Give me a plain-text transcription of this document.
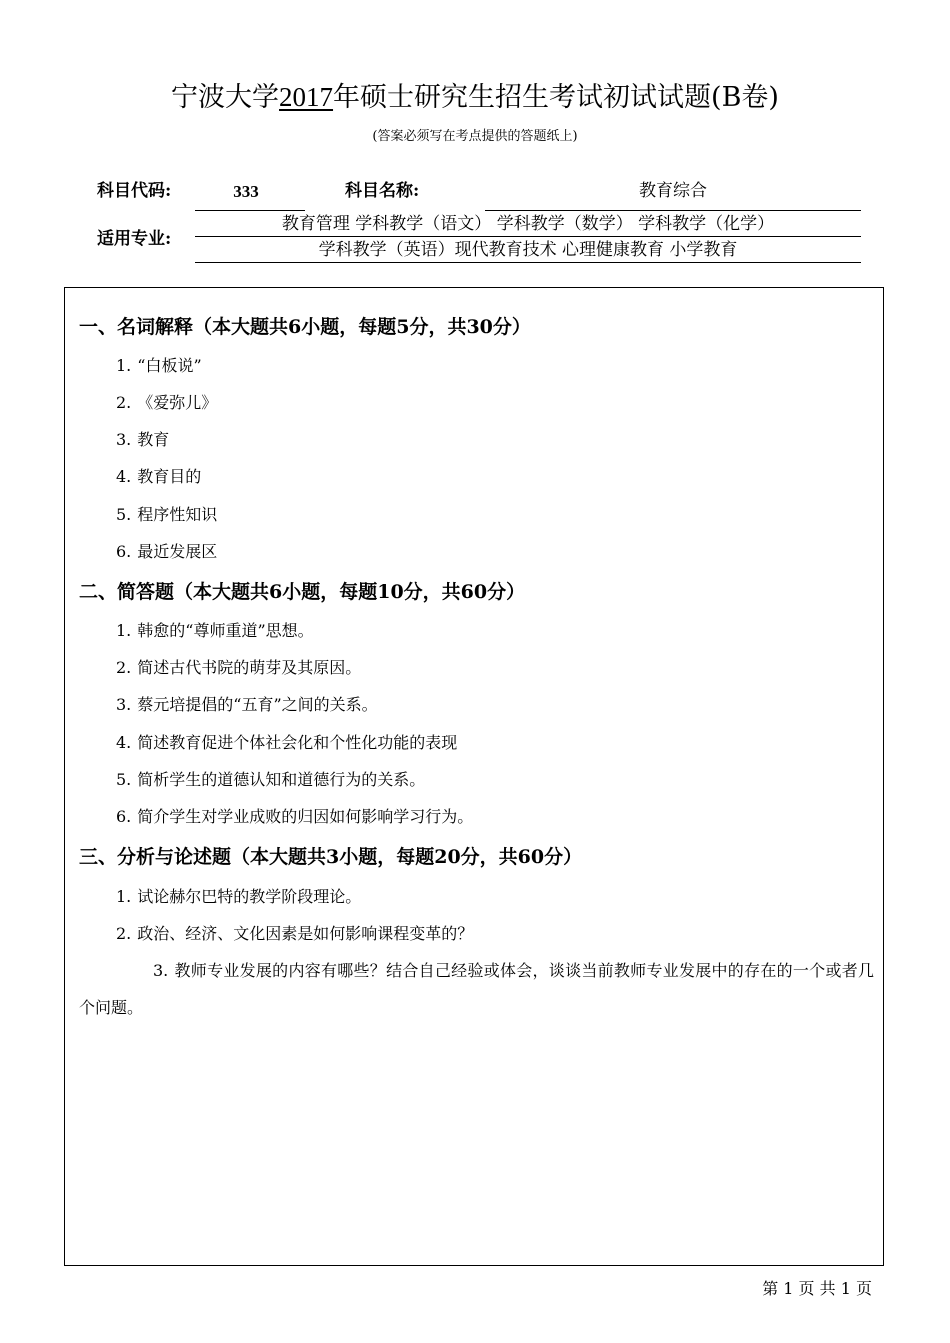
宁波大学2017年硕士研究生招生考试初试试题(B卷)
(答案必须写在考点提供的答题纸上)
科目代码:	333	科目名称:	教育综合
适用专业:
教育管理 学科教学（语文） 学科教学（数学） 学科教学（化学）
学科教学（英语）现代教育技术 心理健康教育 小学教育
一、名词解释（本大题共6小题，每题5分，共30分）
1. “白板说”
2. 《爱弥儿》
3. 教育
4. 教育目的
5. 程序性知识
6. 最近发展区
二、简答题（本大题共6小题，每题10分，共60分）
1. 韩愈的“尊师重道”思想。
2. 简述古代书院的萌芽及其原因。
3. 蔡元培提倡的“五育”之间的关系。
4. 简述教育促进个体社会化和个性化功能的表现
5. 简析学生的道德认知和道德行为的关系。
6. 简介学生对学业成败的归因如何影响学习行为。
三、分析与论述题（本大题共3小题，每题20分，共60分）
1. 试论赫尔巴特的教学阶段理论。
2. 政治、经济、文化因素是如何影响课程变革的？
3. 教师专业发展的内容有哪些？结合自己经验或体会，谈谈当前教师专业发展中的存在的一个或者几个问题。
第 1 页 共 1 页
